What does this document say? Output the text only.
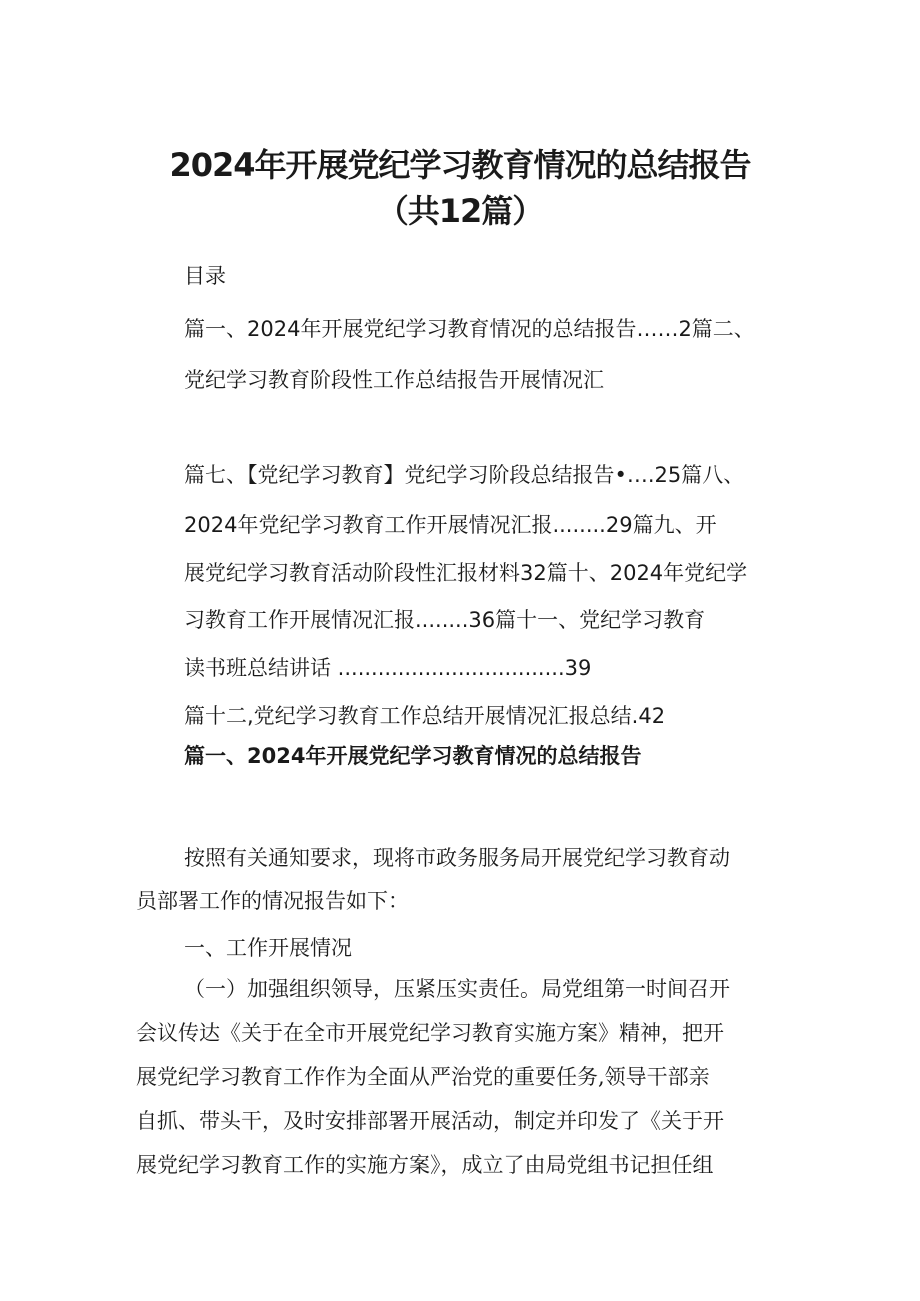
2024年开展党纪学习教育情况的总结报告
（共12篇）
目录
篇一、2024年开展党纪学习教育情况的总结报告……2篇二、
党纪学习教育阶段性工作总结报告开展情况汇
篇七、【党纪学习教育】党纪学习阶段总结报告•….25篇八、
2024年党纪学习教育工作开展情况汇报........29篇九、开
展党纪学习教育活动阶段性汇报材料32篇十、2024年党纪学
习教育工作开展情况汇报........36篇十一、党纪学习教育
读书班总结讲话 ..................................39
篇十二,党纪学习教育工作总结开展情况汇报总结.42
篇一、2024年开展党纪学习教育情况的总结报告
按照有关通知要求，现将市政务服务局开展党纪学习教育动
员部署工作的情况报告如下：
一、工作开展情况
（一）加强组织领导，压紧压实责任。局党组第一时间召开
会议传达《关于在全市开展党纪学习教育实施方案》精神，把开
展党纪学习教育工作作为全面从严治党的重要任务,领导干部亲
自抓、带头干，及时安排部署开展活动，制定并印发了《关于开
展党纪学习教育工作的实施方案》，成立了由局党组书记担任组
